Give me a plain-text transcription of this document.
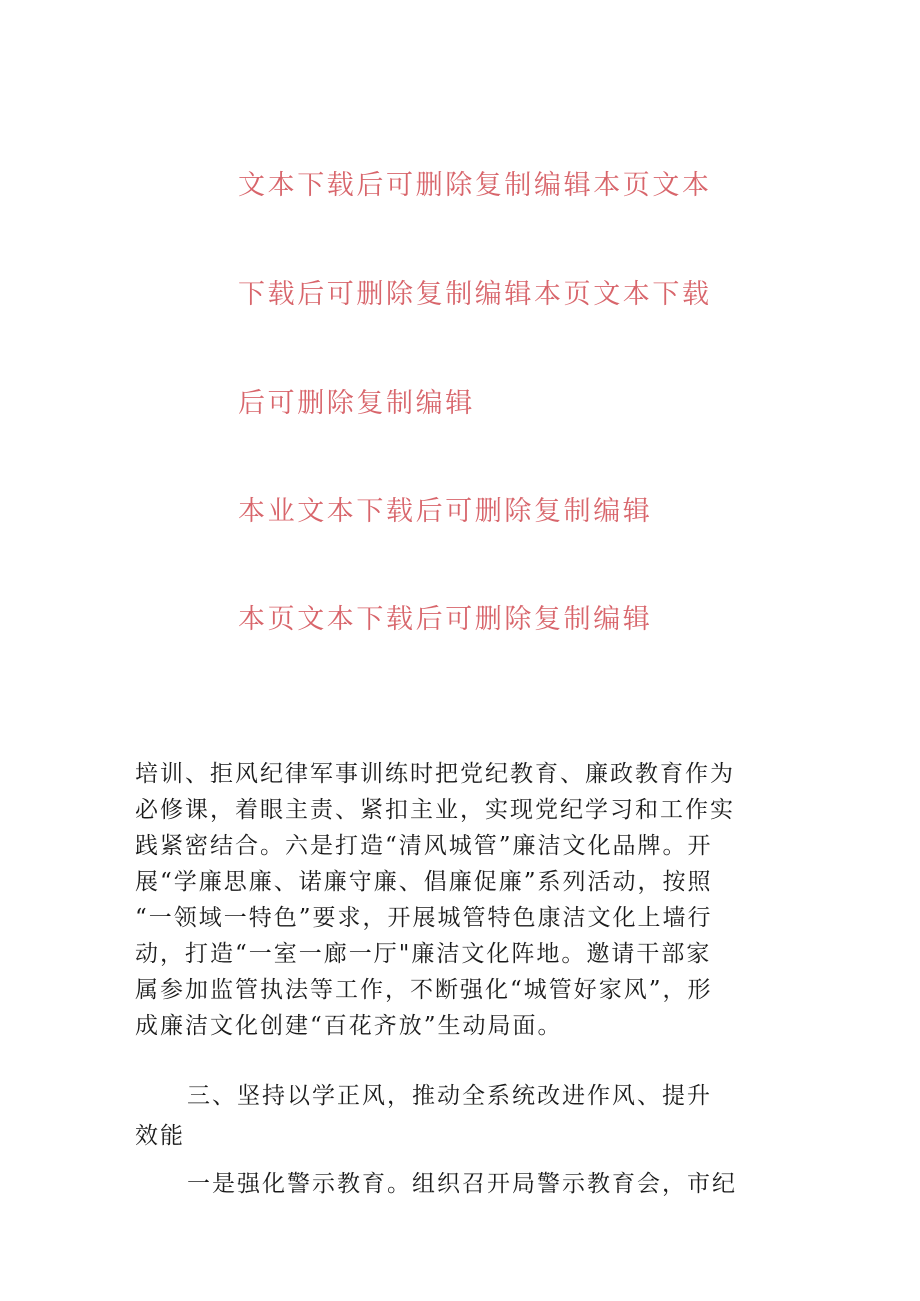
文本下载后可删除复制编辑本页文本
下载后可删除复制编辑本页文本下载
后可删除复制编辑
本业文本下载后可删除复制编辑
本页文本下载后可删除复制编辑
培训、拒风纪律军事训练时把党纪教育、廉政教育作为
必修课，着眼主责、紧扣主业，实现党纪学习和工作实
践紧密结合。六是打造“清风城管”廉洁文化品牌。开
展“学廉思廉、诺廉守廉、倡廉促廉”系列活动，按照
“一领域一特色”要求，开展城管特色康洁文化上墙行
动，打造“一室一廊一厅"廉洁文化阵地。邀请干部家
属参加监管执法等工作，不断强化“城管好家风”，形
成廉洁文化创建“百花齐放”生动局面。
三、坚持以学正风，推动全系统改进作风、提升
效能
一是强化警示教育。组织召开局警示教育会，市纪
